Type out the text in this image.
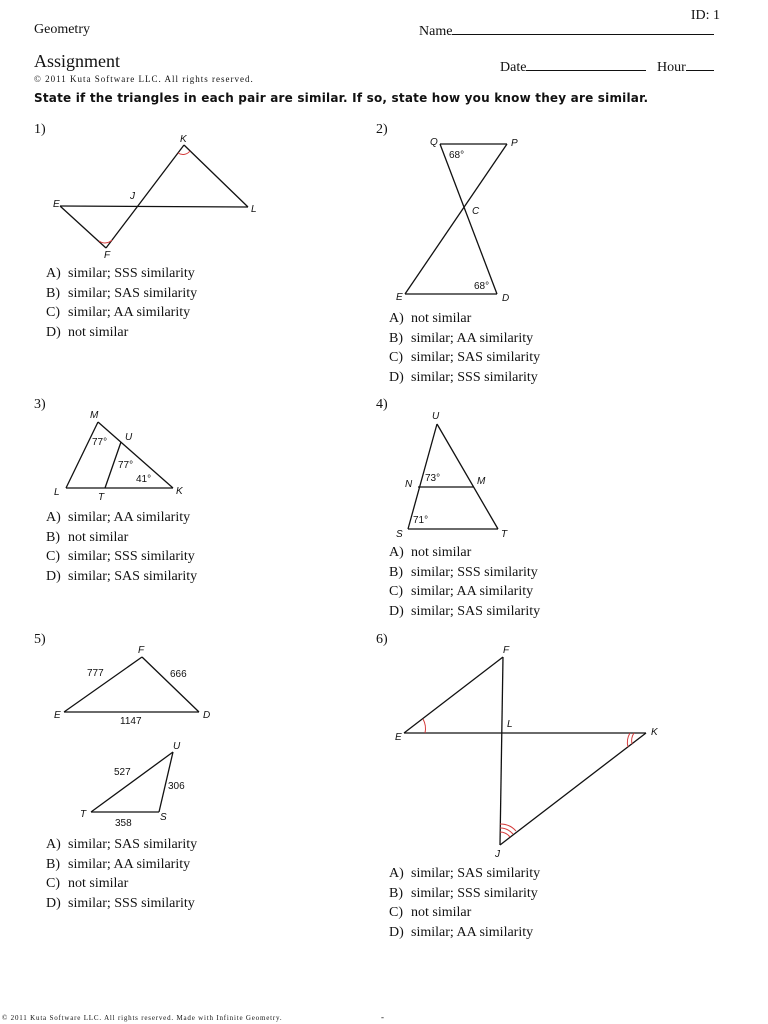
ID: 1
Geometry	Name
Assignment	Date	Hour
© 2011 Kuta Software LLC. All rights reserved.
State if the triangles in each pair are similar. If so, state how you know they are similar.
1)
K
J
E	L
F
A) similar; SSS similarity
B) similar; SAS similarity
C) similar; AA similarity
D) not similar
2)
68°
68°
Q	P
C
E	D
A) not similar
B) similar; AA similarity
C) similar; SAS similarity
D) similar; SSS similarity
3)
77°
77°
41°
M
U
L	T
K
A) similar; AA similarity
B) not similar
C) similar; SSS similarity
D) similar; SAS similarity
4)
73°
71°
U
N	M
S	T
A) not similar
B) similar; SSS similarity
C) similar; AA similarity
D) similar; SAS similarity
5)
777	666
1147
527
306
358
F
E	D
U
T	S
A) similar; SAS similarity
B) similar; AA similarity
C) not similar
D) similar; SSS similarity
6)
F
E
L
K
J
A) similar; SAS similarity
B) similar; SSS similarity
C) not similar
D) similar; AA similarity
© 2011 Kuta Software LLC. All rights reserved. Made with Infinite Geometry.	-
